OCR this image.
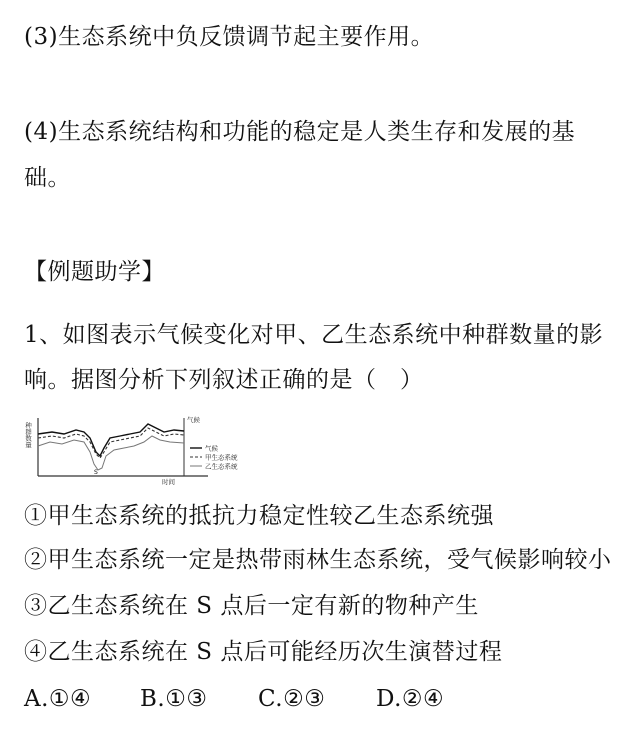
(3)生态系统中负反馈调节起主要作用。
(4)生态系统结构和功能的稳定是人类生存和发展的基
础。
【例题助学】
1、如图表示气候变化对甲、乙生态系统中种群数量的影
响。据图分析下列叙述正确的是（　）
种群数量
气候
S
时间
气候
甲生态系统
乙生态系统
①甲生态系统的抵抗力稳定性较乙生态系统强
②甲生态系统一定是热带雨林生态系统，受气候影响较小
③乙生态系统在 S 点后一定有新的物种产生
④乙生态系统在 S 点后可能经历次生演替过程
A.①④ B.①③ C.②③ D.②④
